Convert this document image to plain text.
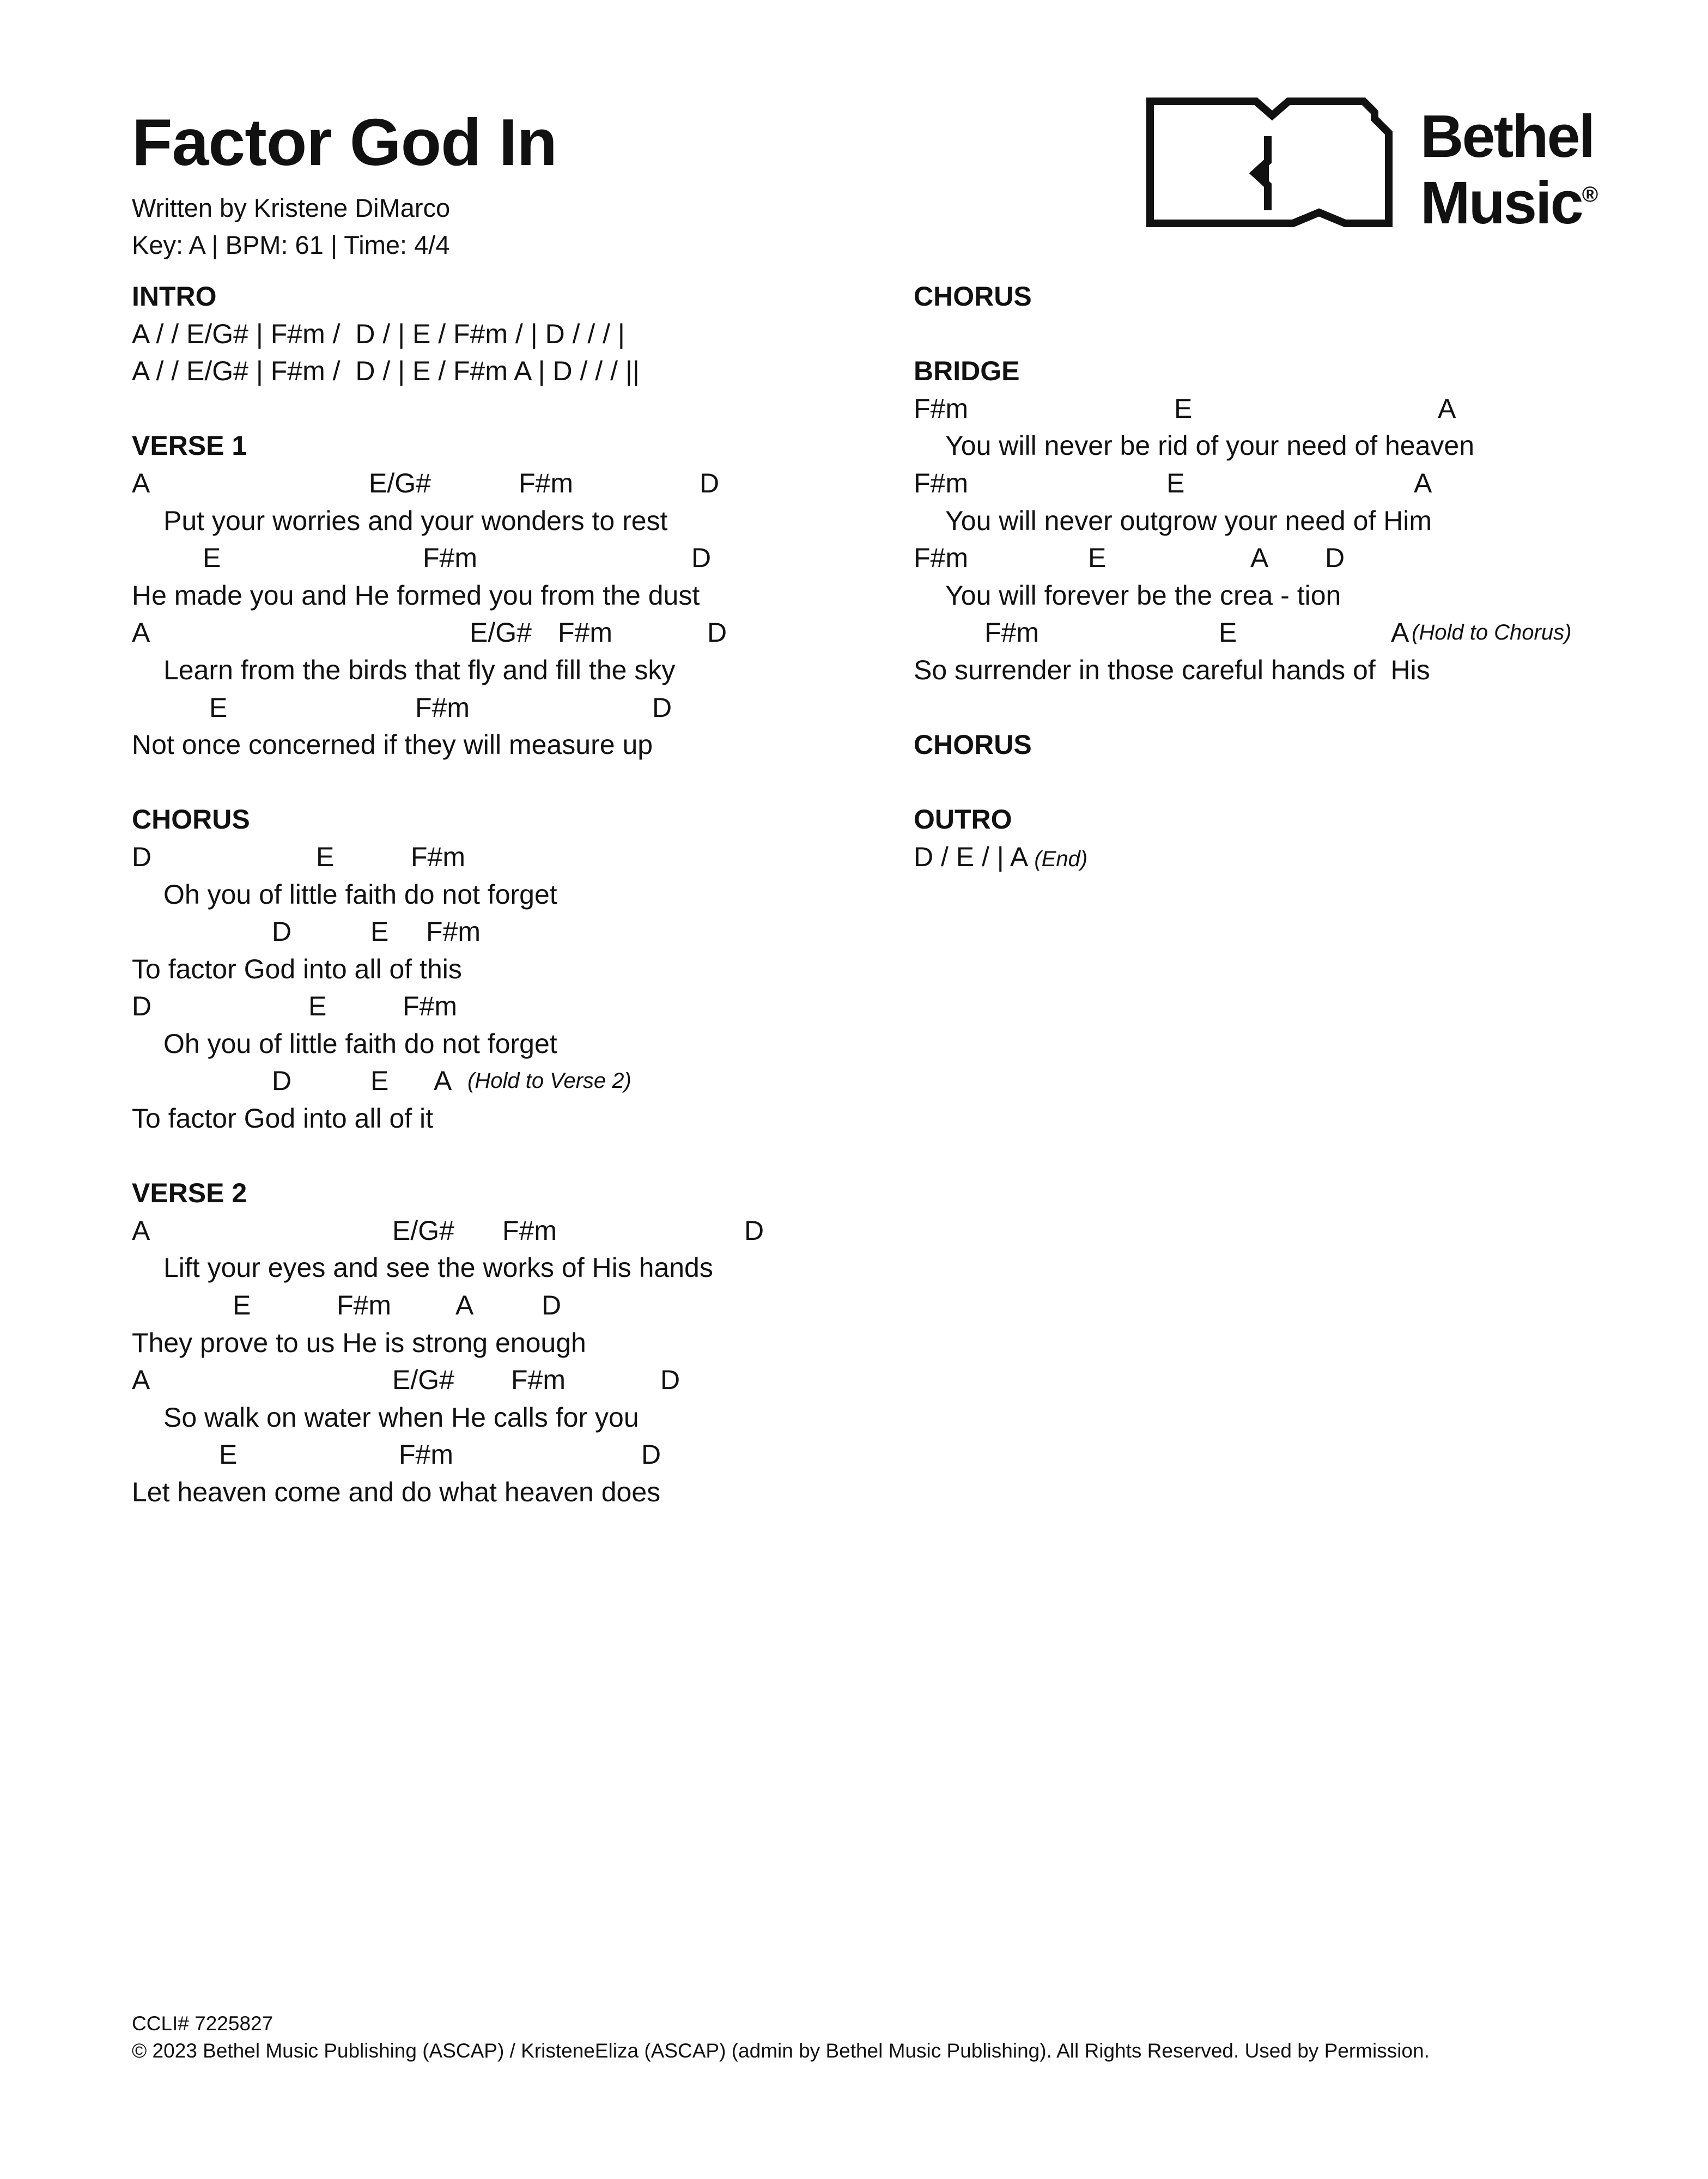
Factor God In
Written by Kristene DiMarco
Key: A | BPM: 61 | Time: 4/4
Bethel
Music®
INTRO
A / / E/G# | F#m /  D / | E / F#m / | D / / / |
A / / E/G# | F#m /  D / | E / F#m A | D / / / ||
VERSE 1
A	E/G#	F#m	D
Put your worries and your wonders to rest
E	F#m	D
He made you and He formed you from the dust
A	E/G# F#m	D
Learn from the birds that fly and fill the sky
E	F#m	D
Not once concerned if they will measure up
CHORUS
D	E	F#m
Oh you of little faith do not forget
D	E F#m
To factor God into all of this
D	E	F#m
Oh you of little faith do not forget
D	E A (Hold to Verse 2)
To factor God into all of it
VERSE 2
A	E/G# F#m	D
Lift your eyes and see the works of His hands
E	F#m A D
They prove to us He is strong enough
A	E/G# F#m	D
So walk on water when He calls for you
E	F#m	D
Let heaven come and do what heaven does
CHORUS
BRIDGE
F#m	E	A
You will never be rid of your need of heaven
F#m	E	A
You will never outgrow your need of Him
F#m	E	A D
You will forever be the crea - tion
F#m	E	A (Hold to Chorus)
So surrender in those careful hands of  His
CHORUS
OUTRO
D / E / | A (End)
CCLI# 7225827
© 2023 Bethel Music Publishing (ASCAP) / KristeneEliza (ASCAP) (admin by Bethel Music Publishing). All Rights Reserved. Used by Permission.
